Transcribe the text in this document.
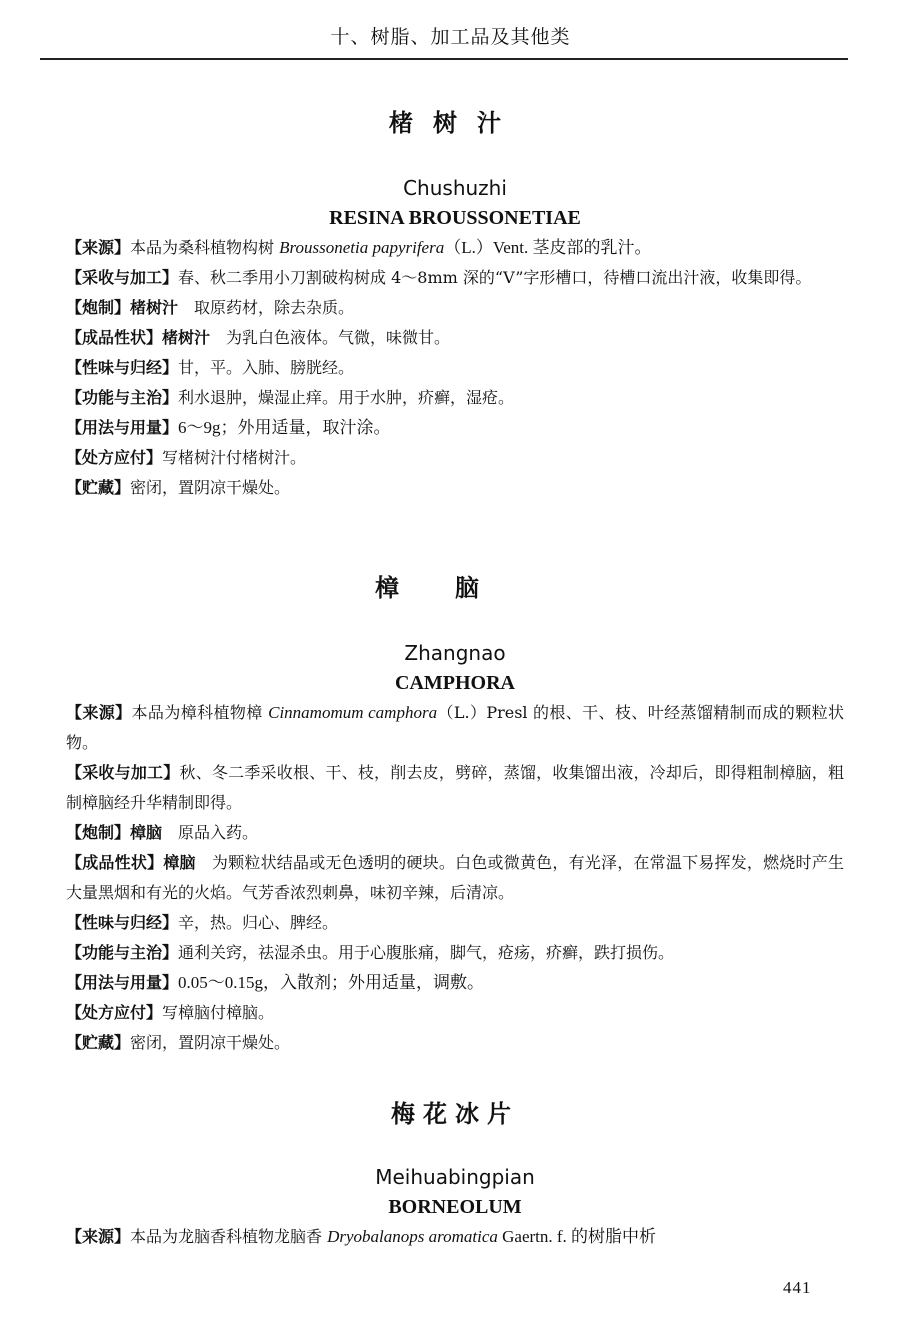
十、树脂、加工品及其他类
楮树汁
Chushuzhi
RESINA BROUSSONETIAE

【来源】本品为桑科植物构树 Broussonetia papyrifera（L.）Vent. 茎皮部的乳汁。

【采收与加工】春、秋二季用小刀割破构树成 4～8mm 深的“V”字形槽口，待槽口流出汁液，收集即得。

【炮制】楮树汁　取原药材，除去杂质。

【成品性状】楮树汁　为乳白色液体。气微，味微甘。

【性味与归经】甘，平。入肺、膀胱经。

【功能与主治】利水退肿，燥湿止痒。用于水肿，疥癣，湿疮。

【用法与用量】6～9g；外用适量，取汁涂。

【处方应付】写楮树汁付楮树汁。

【贮藏】密闭，置阴凉干燥处。

樟脑
Zhangnao
CAMPHORA

【来源】本品为樟科植物樟 Cinnamomum camphora（L.）Presl 的根、干、枝、叶经蒸馏精制而成的颗粒状物。

【采收与加工】秋、冬二季采收根、干、枝，削去皮，劈碎，蒸馏，收集馏出液，冷却后，即得粗制樟脑，粗制樟脑经升华精制即得。

【炮制】樟脑　原品入药。

【成品性状】樟脑　为颗粒状结晶或无色透明的硬块。白色或微黄色，有光泽，在常温下易挥发，燃烧时产生大量黑烟和有光的火焰。气芳香浓烈刺鼻，味初辛辣，后清凉。

【性味与归经】辛，热。归心、脾经。

【功能与主治】通利关窍，祛湿杀虫。用于心腹胀痛，脚气，疮疡，疥癣，跌打损伤。

【用法与用量】0.05～0.15g，入散剂；外用适量，调敷。

【处方应付】写樟脑付樟脑。

【贮藏】密闭，置阴凉干燥处。

梅花冰片
Meihuabingpian
BORNEOLUM

【来源】本品为龙脑香科植物龙脑香 Dryobalanops aromatica Gaertn. f. 的树脂中析

441
